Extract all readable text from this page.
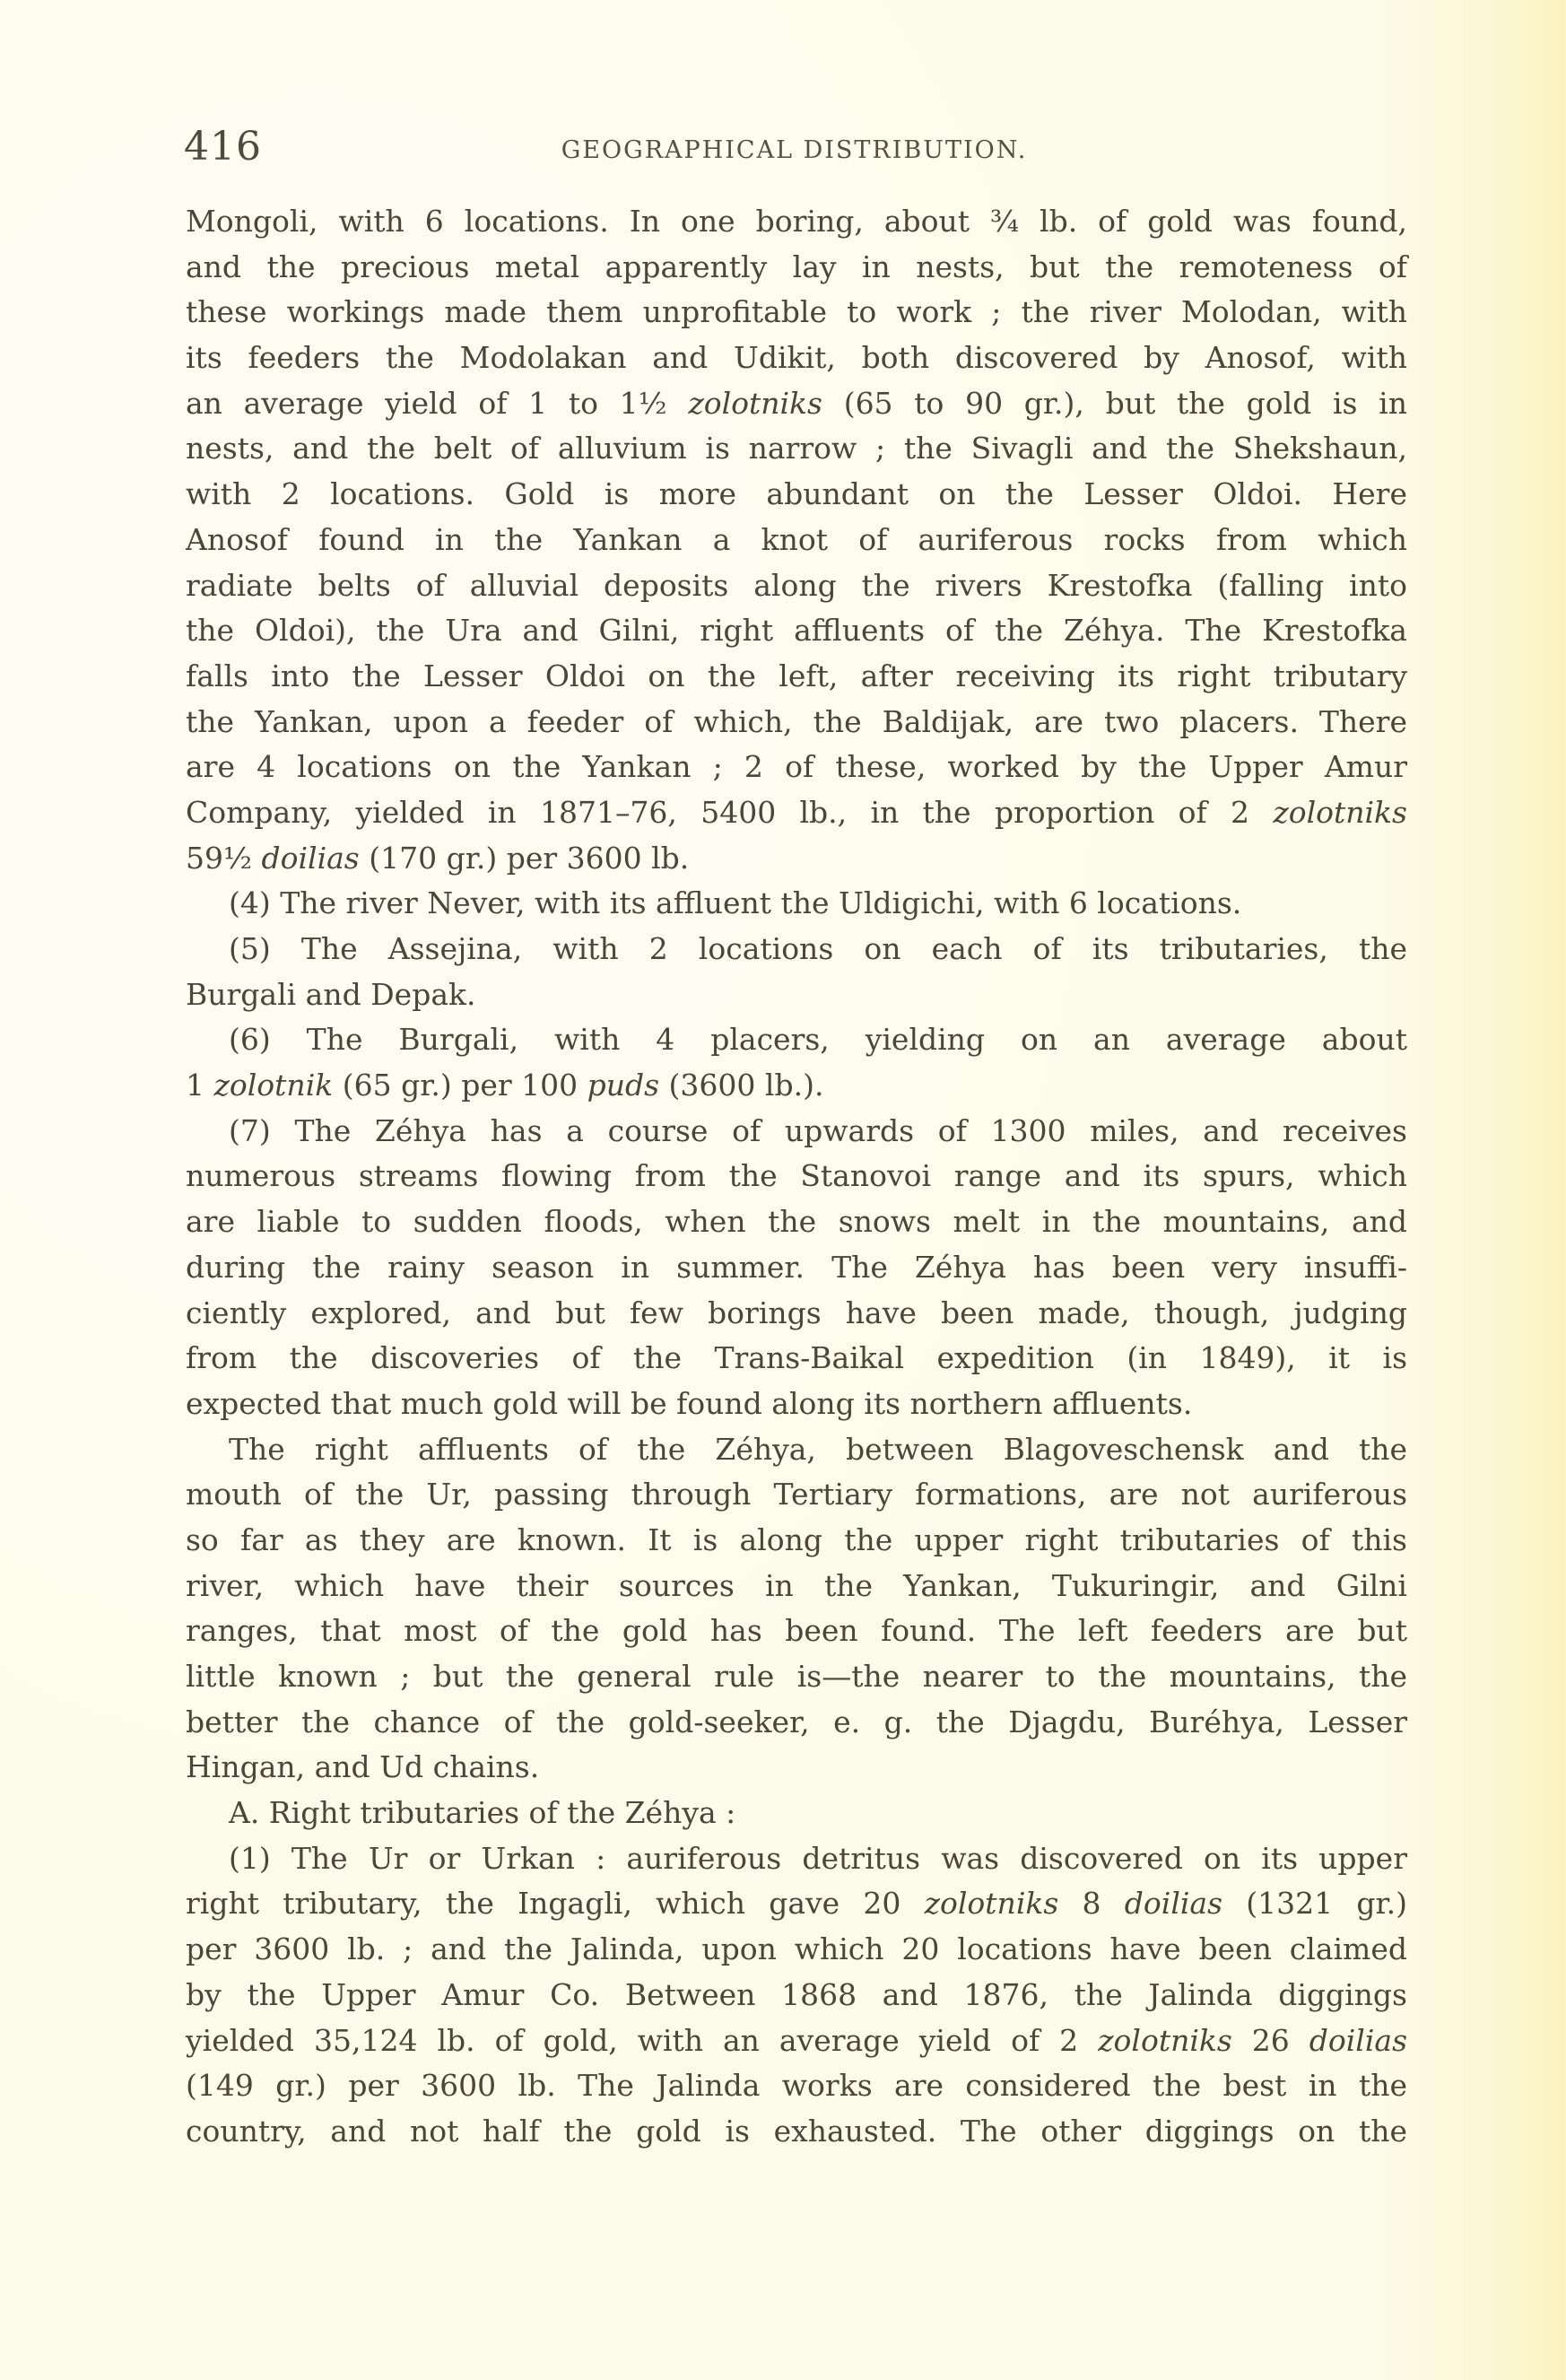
416	GEOGRAPHICAL DISTRIBUTION.
Mongoli, with 6 locations. In one boring, about ¾ lb. of gold was found,
and the precious metal apparently lay in nests, but the remoteness of
these workings made them unprofitable to work ; the river Molodan, with
its feeders the Modolakan and Udikit, both discovered by Anosof, with
an average yield of 1 to 1½ zolotniks (65 to 90 gr.), but the gold is in
nests, and the belt of alluvium is narrow ; the Sivagli and the Shekshaun,
with 2 locations. Gold is more abundant on the Lesser Oldoi. Here
Anosof found in the Yankan a knot of auriferous rocks from which
radiate belts of alluvial deposits along the rivers Krestofka (falling into
the Oldoi), the Ura and Gilni, right affluents of the Zéhya. The Krestofka
falls into the Lesser Oldoi on the left, after receiving its right tributary
the Yankan, upon a feeder of which, the Baldijak, are two placers. There
are 4 locations on the Yankan ; 2 of these, worked by the Upper Amur
Company, yielded in 1871–76, 5400 lb., in the proportion of 2 zolotniks
59½ doilias (170 gr.) per 3600 lb.
(4) The river Never, with its affluent the Uldigichi, with 6 locations.
(5) The Assejina, with 2 locations on each of its tributaries, the
Burgali and Depak.
(6) The Burgali, with 4 placers, yielding on an average about
1 zolotnik (65 gr.) per 100 puds (3600 lb.).
(7) The Zéhya has a course of upwards of 1300 miles, and receives
numerous streams flowing from the Stanovoi range and its spurs, which
are liable to sudden floods, when the snows melt in the mountains, and
during the rainy season in summer. The Zéhya has been very insuffi-
ciently explored, and but few borings have been made, though, judging
from the discoveries of the Trans-Baikal expedition (in 1849), it is
expected that much gold will be found along its northern affluents.
The right affluents of the Zéhya, between Blagoveschensk and the
mouth of the Ur, passing through Tertiary formations, are not auriferous
so far as they are known. It is along the upper right tributaries of this
river, which have their sources in the Yankan, Tukuringir, and Gilni
ranges, that most of the gold has been found. The left feeders are but
little known ; but the general rule is—the nearer to the mountains, the
better the chance of the gold-seeker, e. g. the Djagdu, Buréhya, Lesser
Hingan, and Ud chains.
A. Right tributaries of the Zéhya :
(1) The Ur or Urkan : auriferous detritus was discovered on its upper
right tributary, the Ingagli, which gave 20 zolotniks 8 doilias (1321 gr.)
per 3600 lb. ; and the Jalinda, upon which 20 locations have been claimed
by the Upper Amur Co. Between 1868 and 1876, the Jalinda diggings
yielded 35,124 lb. of gold, with an average yield of 2 zolotniks 26 doilias
(149 gr.) per 3600 lb. The Jalinda works are considered the best in the
country, and not half the gold is exhausted. The other diggings on the
